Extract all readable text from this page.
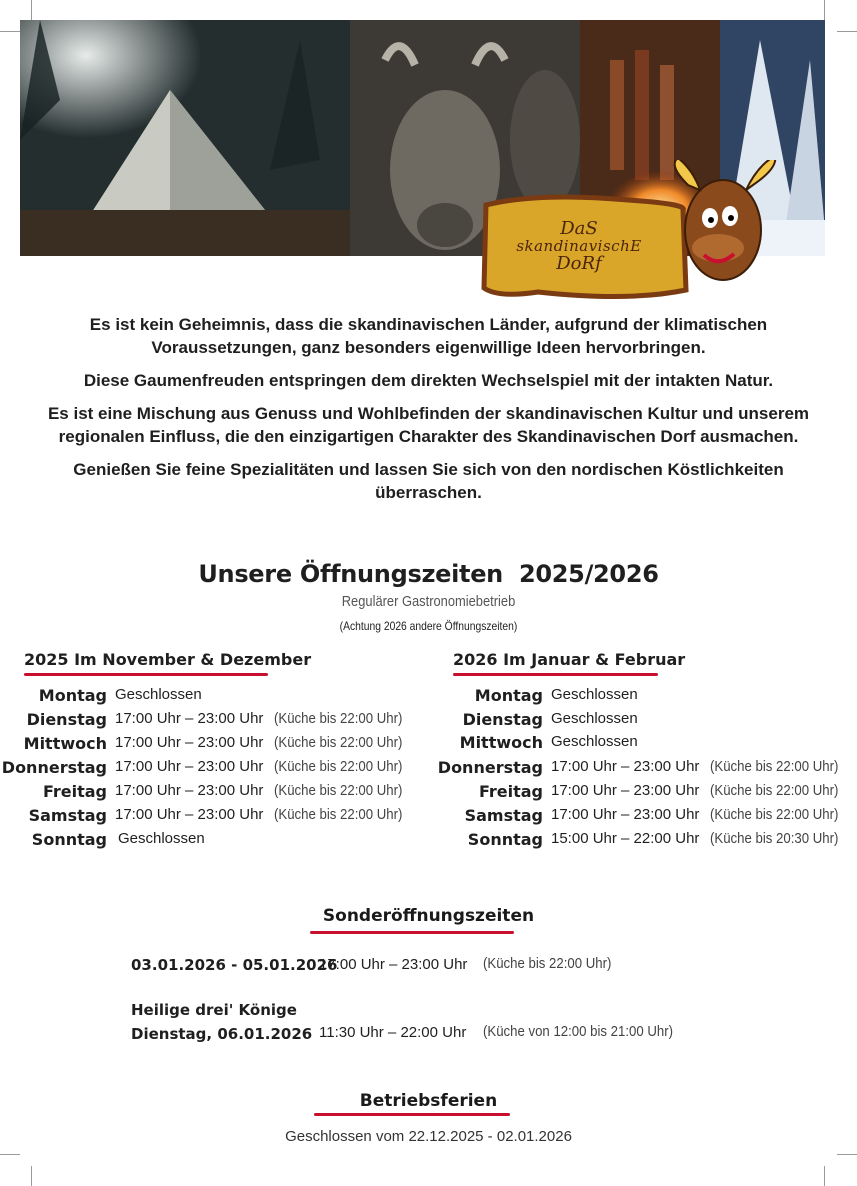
DaS
skandinavischE
DoRf

Es ist kein Geheimnis, dass die skandinavischen Länder, aufgrund der klimatischen Voraussetzungen, ganz besonders eigenwillige Ideen hervorbringen.

Diese Gaumenfreuden entspringen dem direkten Wechselspiel mit der intakten Natur.

Es ist eine Mischung aus Genuss und Wohlbefinden der skandinavischen Kultur und unserem regionalen Einfluss, die den einzigartigen Charakter des Skandinavischen Dorf ausmachen.

Genießen Sie feine Spezialitäten und lassen Sie sich von den nordischen Köstlichkeiten überraschen.

Unsere Öffnungszeiten 2025/2026
Regulärer Gastronomiebetrieb
(Achtung 2026 andere Öffnungszeiten)
2025 Im November & Dezember	2026 Im Januar & Februar
Montag Geschlossen
Dienstag 17:00 Uhr – 23:00 Uhr (Küche bis 22:00 Uhr)
Mittwoch 17:00 Uhr – 23:00 Uhr (Küche bis 22:00 Uhr)
Donnerstag 17:00 Uhr – 23:00 Uhr (Küche bis 22:00 Uhr)
Freitag 17:00 Uhr – 23:00 Uhr (Küche bis 22:00 Uhr)
Samstag 17:00 Uhr – 23:00 Uhr (Küche bis 22:00 Uhr)
Sonntag Geschlossen
Montag Geschlossen
Dienstag Geschlossen
Mittwoch Geschlossen
Donnerstag 17:00 Uhr – 23:00 Uhr (Küche bis 22:00 Uhr)
Freitag 17:00 Uhr – 23:00 Uhr (Küche bis 22:00 Uhr)
Samstag 17:00 Uhr – 23:00 Uhr (Küche bis 22:00 Uhr)
Sonntag 15:00 Uhr – 22:00 Uhr (Küche bis 20:30 Uhr)
Sonderöffnungszeiten
03.01.2026 - 05.01.2026
17:00 Uhr – 23:00 Uhr (Küche bis 22:00 Uhr)
Heilige drei' Könige
Dienstag, 06.01.2026 11:30 Uhr – 22:00 Uhr (Küche von 12:00 bis 21:00 Uhr)
Betriebsferien
Geschlossen vom 22.12.2025 - 02.01.2026
